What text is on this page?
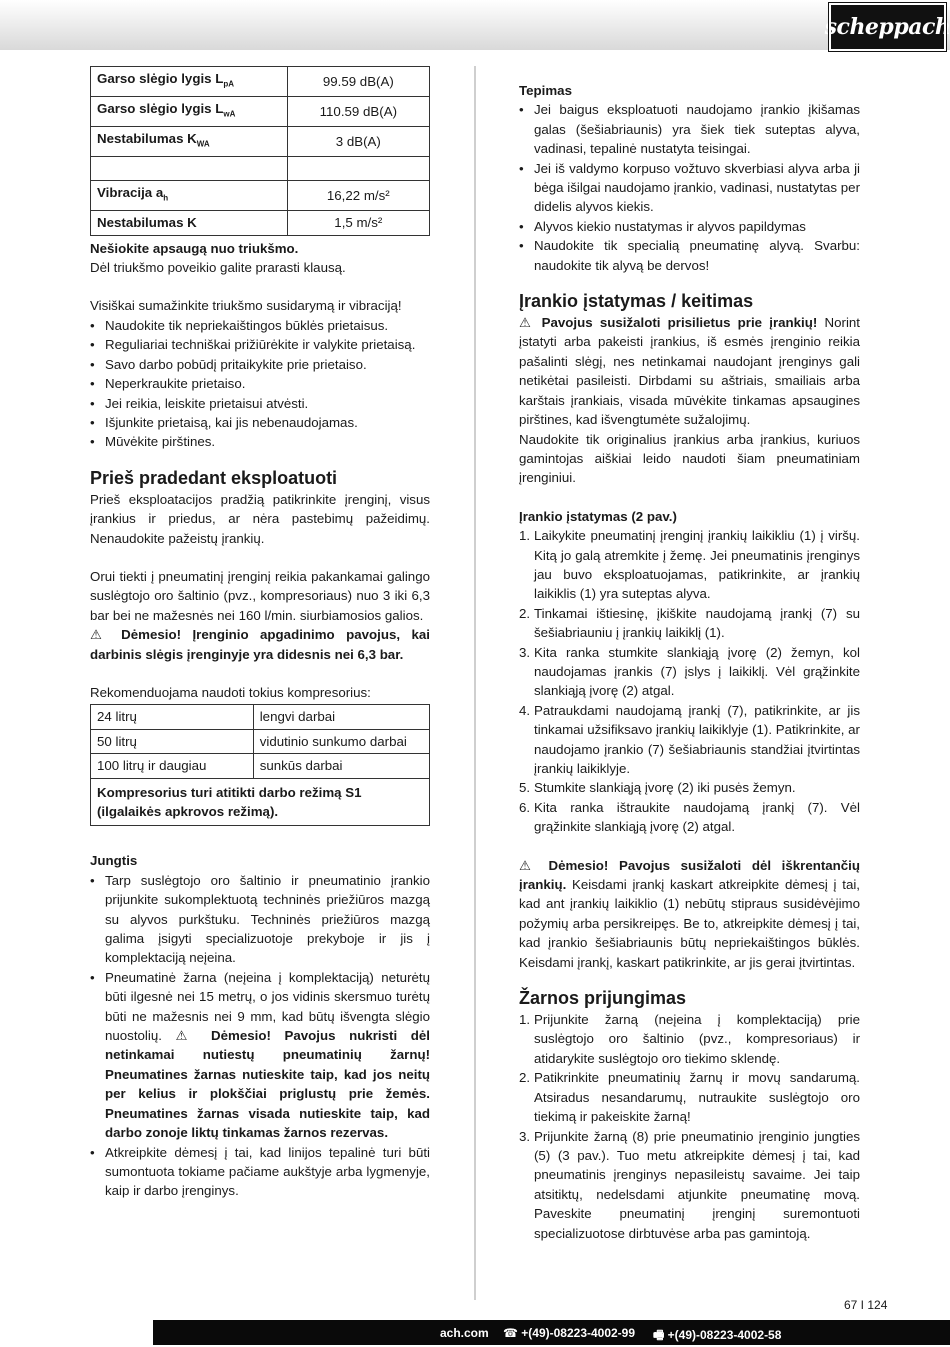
scheppach
Garso slėgio lygis $L_{pA}$	99.59 dB(A)
Garso slėgio lygis $L_{wA}$	110.59 dB(A)
Nestabilumas $K_{WA}$	3 dB(A)

Vibracija $a_h$	16,22 m/s²
Nestabilumas K	1,5 m/s²

Nešiokite apsaugą nuo triukšmo.

Dėl triukšmo poveikio galite prarasti klausą.

Visiškai sumažinkite triukšmo susidarymą ir vibraciją!

• Naudokite tik nepriekaištingos būklės prietaisus.
• Reguliariai techniškai prižiūrėkite ir valykite prietaisą.
• Savo darbo pobūdį pritaikykite prie prietaiso.
• Neperkraukite prietaiso.
• Jei reikia, leiskite prietaisui atvėsti.
• Išjunkite prietaisą, kai jis nebenaudojamas.
• Mūvėkite pirštines.
Prieš pradedant eksploatuoti

Prieš eksploatacijos pradžią patikrinkite įrenginį, visus įrankius ir priedus, ar nėra pastebimų pažeidimų. Nenaudokite pažeistų įrankių.

Orui tiekti į pneumatinį įrenginį reikia pakankamai galingo suslėgtojo oro šaltinio (pvz., kompresoriaus) nuo 3 iki 6,3 bar bei ne mažesnės nei 160 l/min. siurbiamosios galios.

⚠ Dėmesio! Įrenginio apgadinimo pavojus, kai darbinis slėgis įrenginyje yra didesnis nei 6,3 bar.

Rekomenduojama naudoti tokius kompresorius:

24 litrų	lengvi darbai
50 litrų	vidutinio sunkumo darbai
100 litrų ir daugiau	sunkūs darbai
Kompresorius turi atitikti darbo režimą S1 (ilgalaikės apkrovos režimą).	

Jungtis

• Tarp suslėgtojo oro šaltinio ir pneumatinio įrankio prijunkite sukomplektuotą techninės priežiūros mazgą su alyvos purkštuku. Techninės priežiūros mazgą galima įsigyti specializuotoje prekyboje ir jis į komplektaciją neįeina.
• Pneumatinė žarna (neįeina į komplektaciją) neturėtų būti ilgesnė nei 15 metrų, o jos vidinis skersmuo turėtų būti ne mažesnis nei 9 mm, kad būtų išvengta slėgio nuostolių. ⚠ Dėmesio! Pavojus nukristi dėl netinkamai nutiestų pneumatinių žarnų! Pneumatines žarnas nutieskite taip, kad jos neitų per kelius ir plokščiai priglustų prie žemės. Pneumatines žarnas visada nutieskite taip, kad darbo zonoje liktų tinkamas žarnos rezervas.
• Atkreipkite dėmesį į tai, kad linijos tepalinė turi būti sumontuota tokiame pačiame aukštyje arba lygmenyje, kaip ir darbo įrenginys.

Tepimas

• Jei baigus eksploatuoti naudojamo įrankio įkišamas galas (šešiabriaunis) yra šiek tiek suteptas alyva, vadinasi, tepalinė nustatyta teisingai.
• Jei iš valdymo korpuso vožtuvo skverbiasi alyva arba ji bėga išilgai naudojamo įrankio, vadinasi, nustatytas per didelis alyvos kiekis.
• Alyvos kiekio nustatymas ir alyvos papildymas
• Naudokite tik specialią pneumatinę alyvą. Svarbu: naudokite tik alyvą be dervos!
Įrankio įstatymas / keitimas

⚠ Pavojus susižaloti prisilietus prie įrankių! Norint įstatyti arba pakeisti įrankius, iš esmės įrenginio reikia pašalinti slėgį, nes netinkamai naudojant įrenginys gali netikėtai pasileisti. Dirbdami su aštriais, smailiais arba karštais įrankiais, visada mūvėkite tinkamas apsaugines pirštines, kad išvengtumėte sužalojimų.

Naudokite tik originalius įrankius arba įrankius, kuriuos gamintojas aiškiai leido naudoti šiam pneumatiniam įrenginiui.

Įrankio įstatymas (2 pav.)

1. Laikykite pneumatinį įrenginį įrankių laikikliu (1) į viršų. Kitą jo galą atremkite į žemę. Jei pneumatinis įrenginys jau buvo eksploatuojamas, patikrinkite, ar įrankių laikiklis (1) yra suteptas alyva.
2. Tinkamai ištiesinę, įkiškite naudojamą įrankį (7) su šešiabriauniu į įrankių laikiklį (1).
3. Kita ranka stumkite slankiąją įvorę (2) žemyn, kol naudojamas įrankis (7) įslys į laikiklį. Vėl grąžinkite slankiąją įvorę (2) atgal.
4. Patraukdami naudojamą įrankį (7), patikrinkite, ar jis tinkamai užsifiksavo įrankių laikiklyje (1). Patikrinkite, ar naudojamo įrankio (7) šešiabriaunis standžiai įtvirtintas įrankių laikiklyje.
5. Stumkite slankiąją įvorę (2) iki pusės žemyn.
6. Kita ranka ištraukite naudojamą įrankį (7). Vėl grąžinkite slankiąją įvorę (2) atgal.

⚠ Dėmesio! Pavojus susižaloti dėl iškrentančių įrankių. Keisdami įrankį kaskart atkreipkite dėmesį į tai, kad ant įrankių laikiklio (1) nebūtų stipraus susidėvėjimo požymių arba persikreipęs. Be to, atkreipkite dėmesį į tai, kad įrankio šešiabriaunis būtų nepriekaištingos būklės. Keisdami įrankį, kaskart patikrinkite, ar jis gerai įtvirtintas.

Žarnos prijungimas
1. Prijunkite žarną (neįeina į komplektaciją) prie suslėgtojo oro šaltinio (pvz., kompresoriaus) ir atidarykite suslėgtojo oro tiekimo sklendę.
2. Patikrinkite pneumatinių žarnų ir movų sandarumą. Atsiradus nesandarumų, nutraukite suslėgtojo oro tiekimą ir pakeiskite žarną!
3. Prijunkite žarną (8) prie pneumatinio įrenginio jungties (5) (3 pav.). Tuo metu atkreipkite dėmesį į tai, kad pneumatinis įrenginys nepasileistų savaime. Jei taip atsitiktų, nedelsdami atjunkite pneumatinę movą. Paveskite pneumatinį įrenginį suremontuoti specializuotose dirbtuvėse arba pas gamintoją.
67 I 124
ach.com ☎ +(49)-08223-4002-99 🖷 +(49)-08223-4002-58
